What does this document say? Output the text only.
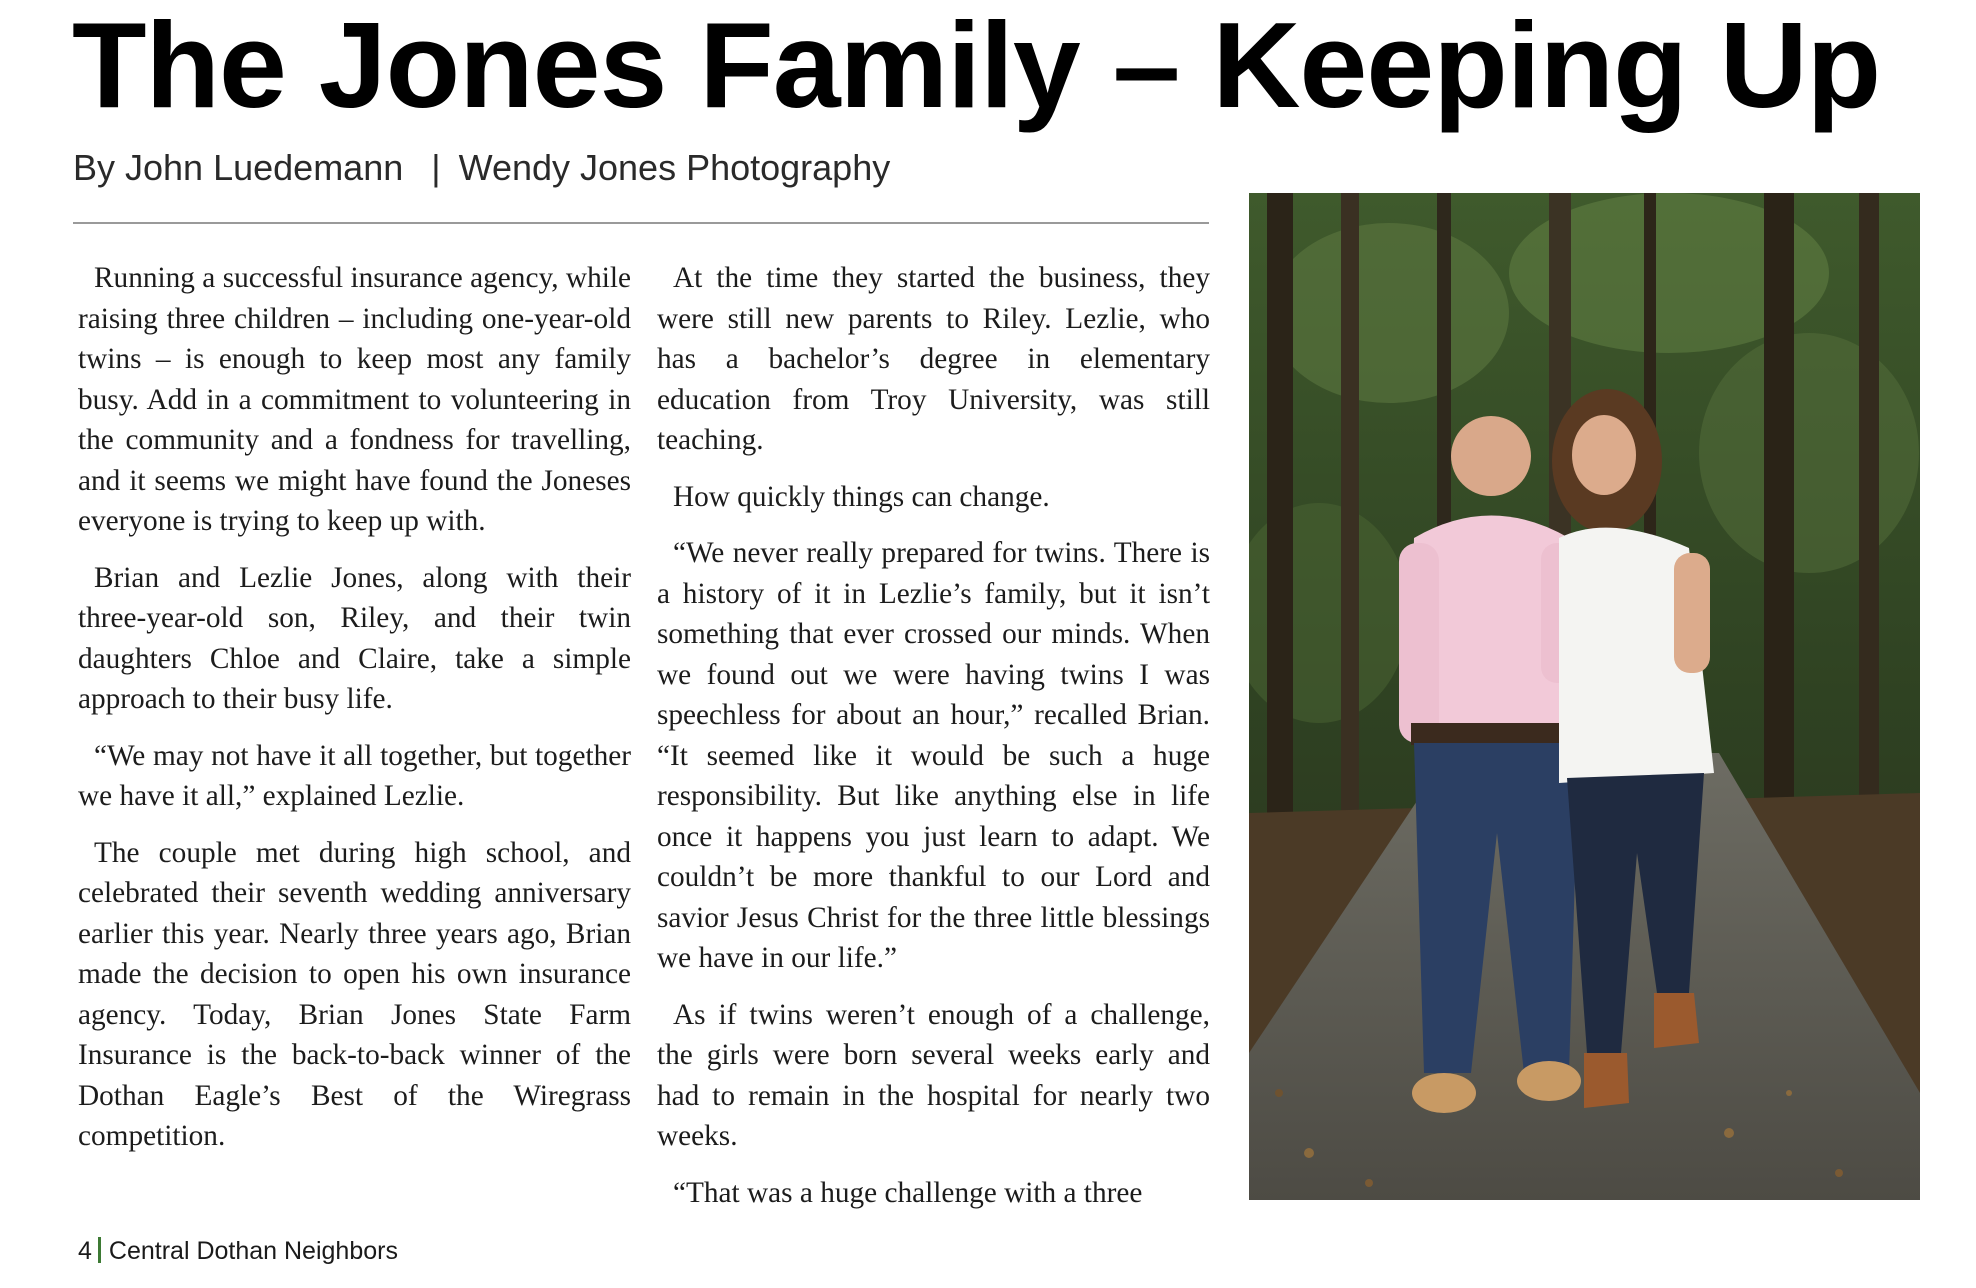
The Jones Family – Keeping Up
By John Luedemann | Wendy Jones Photography

Running a successful insurance agency, while raising three children – including one-year-old twins – is enough to keep most any family busy. Add in a commitment to volunteering in the community and a fondness for travelling, and it seems we might have found the Joneses everyone is trying to keep up with.

Brian and Lezlie Jones, along with their three-year-old son, Riley, and their twin daughters Chloe and Claire, take a simple approach to their busy life.

“We may not have it all together, but together we have it all,” explained Lezlie.

The couple met during high school, and celebrated their seventh wedding anniversary earlier this year. Nearly three years ago, Brian made the decision to open his own insurance agency. Today, Brian Jones State Farm Insurance is the back-to-back winner of the Dothan Eagle’s Best of the Wiregrass competition.

At the time they started the business, they were still new parents to Riley. Lezlie, who has a bachelor’s degree in elementary education from Troy University, was still teaching.

How quickly things can change.

“We never really prepared for twins. There is a history of it in Lezlie’s family, but it isn’t something that ever crossed our minds. When we found out we were having twins I was speechless for about an hour,” recalled Brian. “It seemed like it would be such a huge responsibility. But like anything else in life once it happens you just learn to adapt. We couldn’t be more thankful to our Lord and savior Jesus Christ for the three little blessings we have in our life.”

As if twins weren’t enough of a challenge, the girls were born several weeks early and had to remain in the hospital for nearly two weeks.

“That was a huge challenge with a three

4 Central Dothan Neighbors
